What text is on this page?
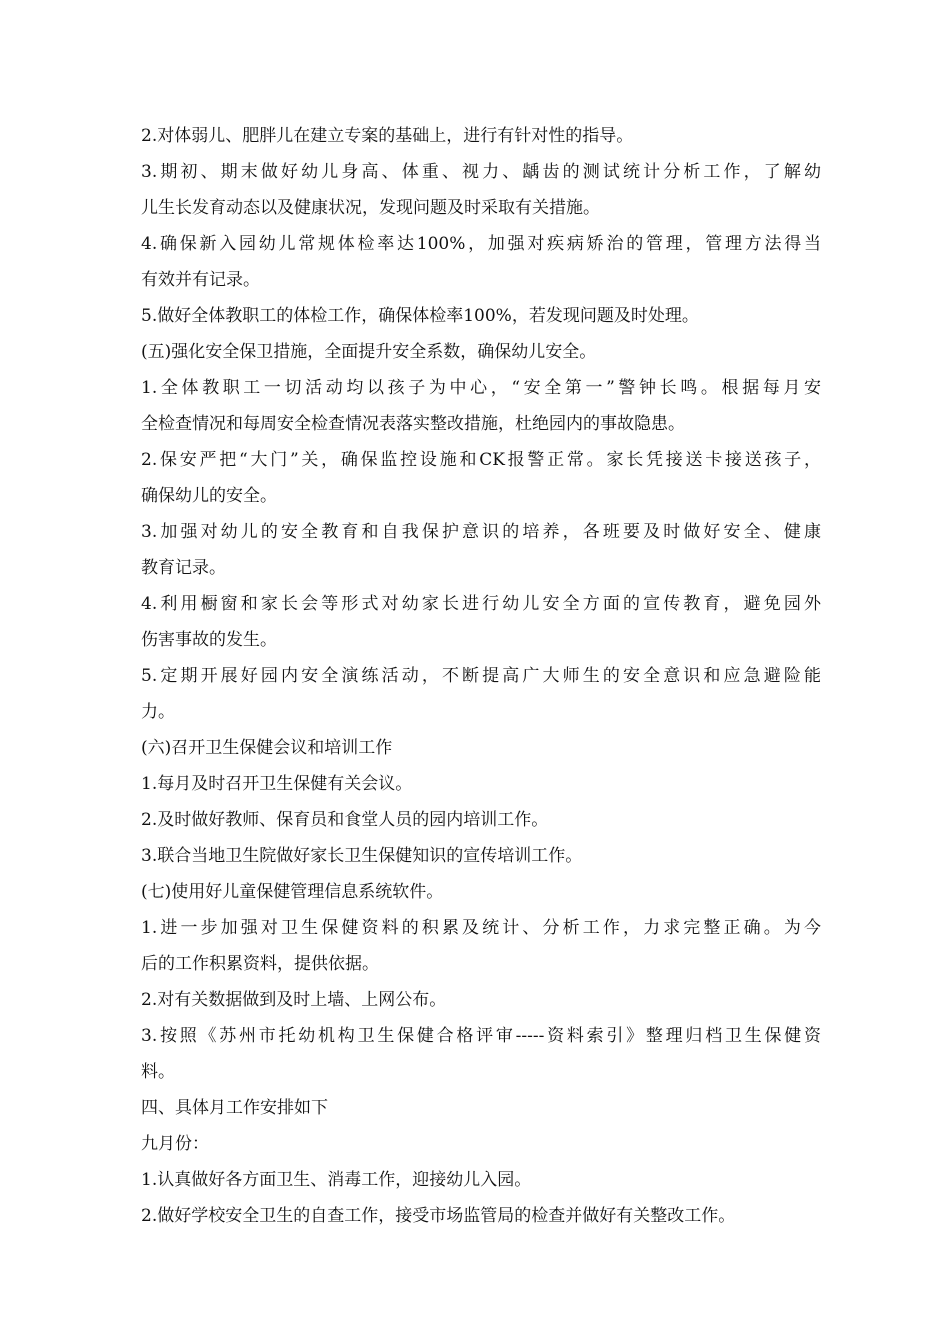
2.对体弱儿、肥胖儿在建立专案的基础上，进行有针对性的指导。
3.期初、期末做好幼儿身高、体重、视力、龋齿的测试统计分析工作，了解幼
儿生长发育动态以及健康状况，发现问题及时采取有关措施。
4.确保新入园幼儿常规体检率达100%，加强对疾病矫治的管理，管理方法得当
有效并有记录。
5.做好全体教职工的体检工作，确保体检率100%，若发现问题及时处理。
(五)强化安全保卫措施，全面提升安全系数，确保幼儿安全。
1.全体教职工一切活动均以孩子为中心，“安全第一”警钟长鸣。根据每月安
全检查情况和每周安全检查情况表落实整改措施，杜绝园内的事故隐患。
2.保安严把“大门”关，确保监控设施和CK报警正常。家长凭接送卡接送孩子，
确保幼儿的安全。
3.加强对幼儿的安全教育和自我保护意识的培养，各班要及时做好安全、健康
教育记录。
4.利用橱窗和家长会等形式对幼家长进行幼儿安全方面的宣传教育，避免园外
伤害事故的发生。
5.定期开展好园内安全演练活动，不断提高广大师生的安全意识和应急避险能
力。
(六)召开卫生保健会议和培训工作
1.每月及时召开卫生保健有关会议。
2.及时做好教师、保育员和食堂人员的园内培训工作。
3.联合当地卫生院做好家长卫生保健知识的宣传培训工作。
(七)使用好儿童保健管理信息系统软件。
1.进一步加强对卫生保健资料的积累及统计、分析工作，力求完整正确。为今
后的工作积累资料，提供依据。
2.对有关数据做到及时上墙、上网公布。
3.按照《苏州市托幼机构卫生保健合格评审-----资料索引》整理归档卫生保健资
料。
四、具体月工作安排如下
九月份：
1.认真做好各方面卫生、消毒工作，迎接幼儿入园。
2.做好学校安全卫生的自查工作，接受市场监管局的检查并做好有关整改工作。
